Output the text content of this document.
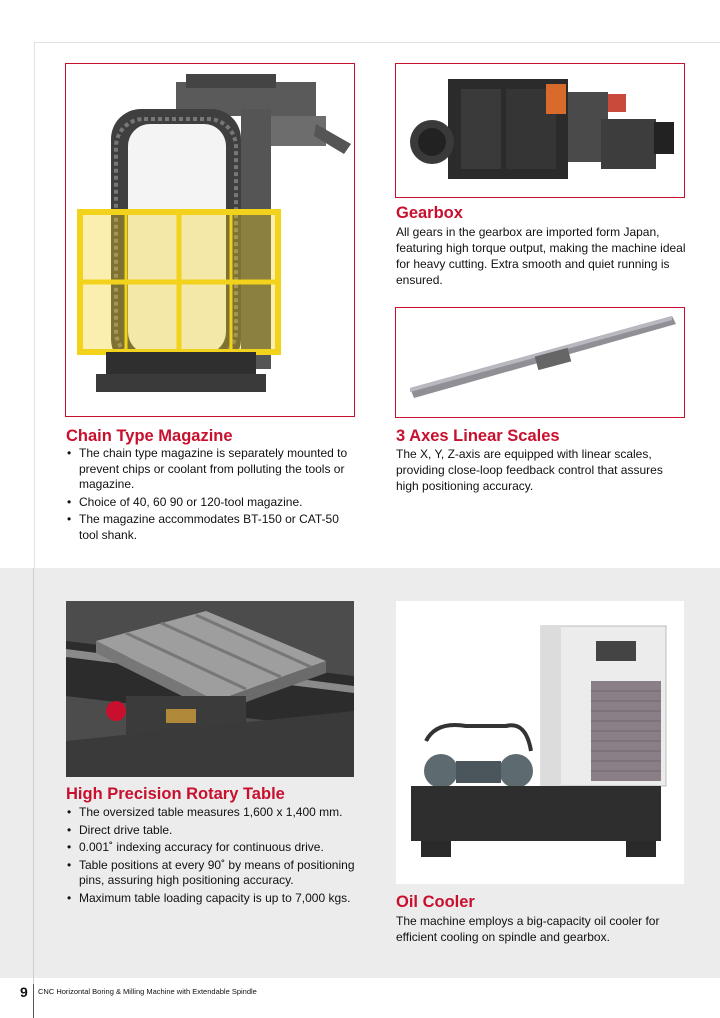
Chain Type Magazine
• The chain type magazine is separately mounted to prevent chips or coolant from polluting the tools or magazine.
• Choice of 40, 60 90 or 120-tool magazine.
• The magazine accommodates BT-150 or CAT-50 tool shank.
Gearbox

All gears in the gearbox are imported form Japan, featuring high torque output, making the machine ideal for heavy cutting. Extra smooth and quiet running is ensured.

3 Axes Linear Scales

The X, Y, Z-axis are equipped with linear scales, providing close-loop feedback control that assures high positioning accuracy.

High Precision Rotary Table
• The oversized table measures 1,600 x 1,400 mm.
• Direct drive table.
• 0.001˚ indexing accuracy for continuous drive.
• Table positions at every 90˚ by means of positioning pins, assuring high positioning accuracy.
• Maximum table loading capacity is up to 7,000 kgs.	Oil Cooler

The machine employs a big-capacity oil cooler for efficient cooling on spindle and gearbox.

9 CNC Horizontal Boring & Milling Machine with Extendable Spindle
